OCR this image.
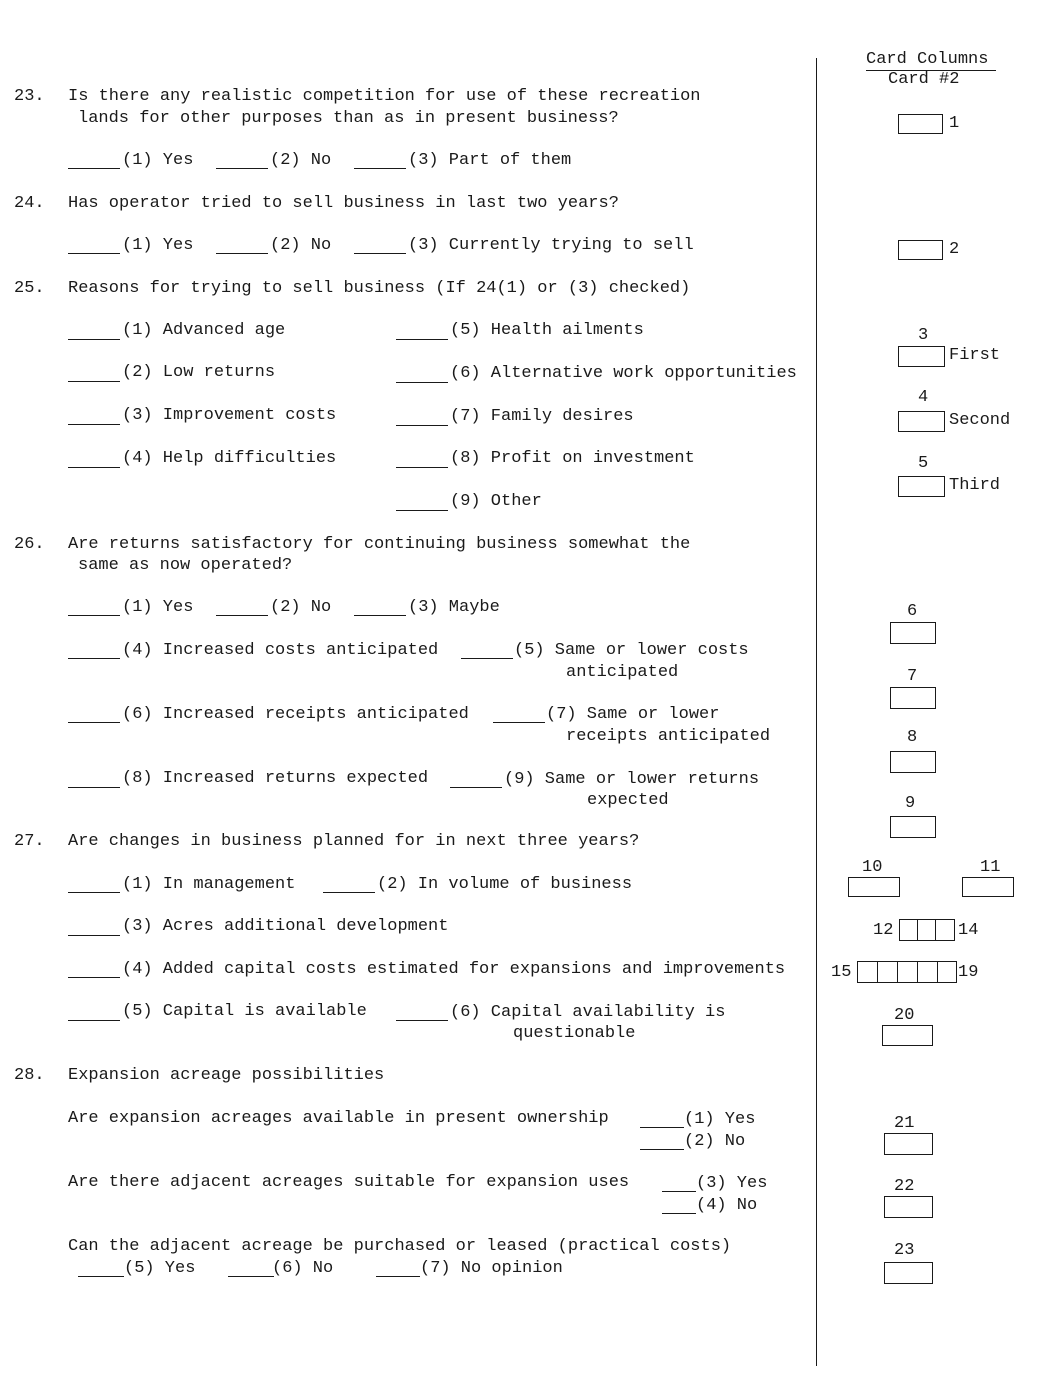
Card Columns
Card #2
23. Is there any realistic competition for use of these recreation
lands for other purposes than as in present business?
(1) Yes	(2) No	(3) Part of them
1
24. Has operator tried to sell business in last two years?
(1) Yes	(2) No	(3) Currently trying to sell	2
25. Reasons for trying to sell business (If 24(1) or (3) checked)
(1) Advanced age
(2) Low returns
(3) Improvement costs
(4) Help difficulties
(5) Health ailments
(6) Alternative work opportunities
(7) Family desires
(8) Profit on investment
(9) Other
3
First
4
Second
5
Third
26. Are returns satisfactory for continuing business somewhat the
same as now operated?
(1) Yes	(2) No	(3) Maybe
(4) Increased costs anticipated	(5) Same or lower costs
anticipated
(6) Increased receipts anticipated	(7) Same or lower
receipts anticipated
(8) Increased returns expected	(9) Same or lower returns
expected
6
7
8
9
27. Are changes in business planned for in next three years?
(1) In management	(2) In volume of business
(3) Acres additional development
(4) Added capital costs estimated for expansions and improvements
(5) Capital is available	(6) Capital availability is
questionable
10	11
12	14
15	19
20
28. Expansion acreage possibilities
Are expansion acreages available in present ownership	(1) Yes
(2) No
Are there adjacent acreages suitable for expansion uses	(3) Yes
(4) No
Can the adjacent acreage be purchased or leased (practical costs)
(5) Yes	(6) No	(7) No opinion
21
22
23
